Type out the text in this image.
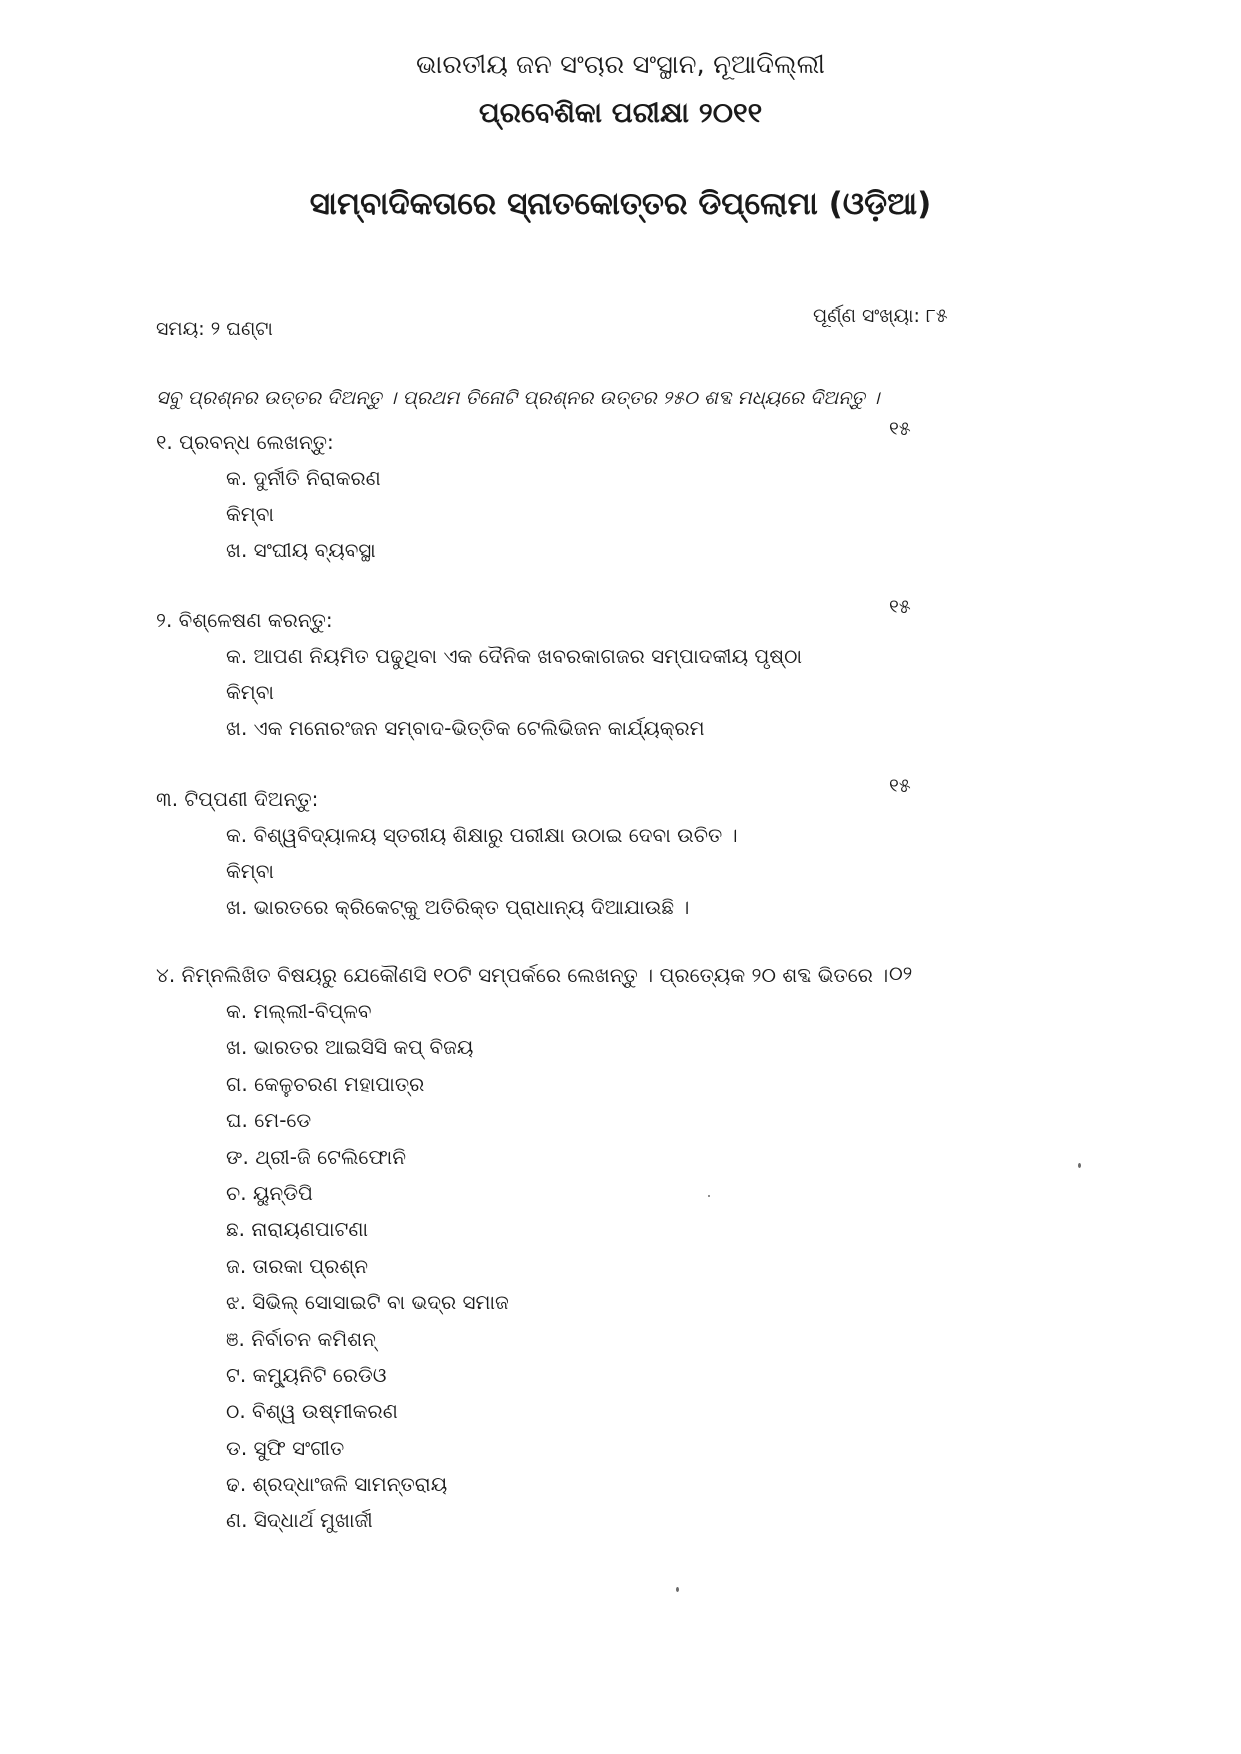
ଭାରତୀୟ ଜନ ସଂଚାର ସଂସ୍ଥାନ, ନୂଆଦିଲ୍ଲୀ
ପ୍ରବେଶିକା ପରୀକ୍ଷା ୨୦୧୧
ସାମ୍ବାଦିକତାରେ ସ୍ନାତକୋତ୍ତର ଡିପ୍ଲୋମା (ଓଡ଼ିଆ)
ସମୟ: ୨ ଘଣ୍ଟା
ପୂର୍ଣ୍ଣ ସଂଖ୍ୟା: ୮୫
ସବୁ ପ୍ରଶ୍ନର ଉତ୍ତର ଦିଅନ୍ତୁ । ପ୍ରଥମ ତିନୋଟି ପ୍ରଶ୍ନର ଉତ୍ତର ୨୫୦ ଶବ୍ଦ ମଧ୍ୟରେ ଦିଅନ୍ତୁ ।
୧. ପ୍ରବନ୍ଧ ଲେଖନ୍ତୁ:
୧୫
କ. ଦୁର୍ନୀତି ନିରାକରଣ
କିମ୍ବା
ଖ. ସଂଘୀୟ ବ୍ୟବସ୍ଥା
୨. ବିଶ୍ଳେଷଣ କରନ୍ତୁ:
୧୫
କ. ଆପଣ ନିୟମିତ ପଢୁଥିବା ଏକ ଦୈନିକ ଖବରକାଗଜର ସମ୍ପାଦକୀୟ ପୃଷ୍ଠା
କିମ୍ବା
ଖ. ଏକ ମନୋରଂଜନ ସମ୍ବାଦ-ଭିତ୍ତିକ ଟେଲିଭିଜନ କାର୍ଯ୍ୟକ୍ରମ
୩. ଟିପ୍ପଣୀ ଦିଅନ୍ତୁ:
୧୫
କ. ବିଶ୍ୱବିଦ୍ୟାଳୟ ସ୍ତରୀୟ ଶିକ୍ଷାରୁ ପରୀକ୍ଷା ଉଠାଇ ଦେବା ଉଚିତ ।
କିମ୍ବା
ଖ. ଭାରତରେ କ୍ରିକେଟ୍‌କୁ ଅତିରିକ୍ତ ପ୍ରାଧାନ୍ୟ ଦିଆଯାଉଛି ।
୪. ନିମ୍ନଲିଖିତ ବିଷୟରୁ ଯେକୌଣସି ୧୦ଟି ସମ୍ପର୍କରେ ଲେଖନ୍ତୁ । ପ୍ରତ୍ୟେକ ୨୦ ଶବ୍ଦ ଭିତରେ । ୦୨
କ. ମଲ୍ଲୀ-ବିପ୍ଳବ
ଖ. ଭାରତର ଆଇସିସି କପ୍ ବିଜୟ
ଗ. କେଳୁଚରଣ ମହାପାତ୍ର
ଘ. ମେ-ଡେ
ଙ. ଥ୍ରୀ-ଜି ଟେଲିଫୋନି
ଚ. ୟୁନ୍‌ଡିପି
ଛ. ନାରାୟଣପାଟଣା
ଜ. ତାରକା ପ୍ରଶ୍ନ
ଝ. ସିଭିଲ୍ ସୋସାଇଟି ବା ଭଦ୍ର ସମାଜ
ଞ. ନିର୍ବାଚନ କମିଶନ୍
ଟ. କମ୍ୟୁନିଟି ରେଡିଓ
ଠ. ବିଶ୍ୱ ଉଷ୍ମୀକରଣ
ଡ. ସୁଫି ସଂଗୀତ
ଢ. ଶ୍ରଦ୍ଧାଂଜଳି ସାମନ୍ତରାୟ
ଣ. ସିଦ୍ଧାର୍ଥ ମୁଖାର୍ଜୀ
